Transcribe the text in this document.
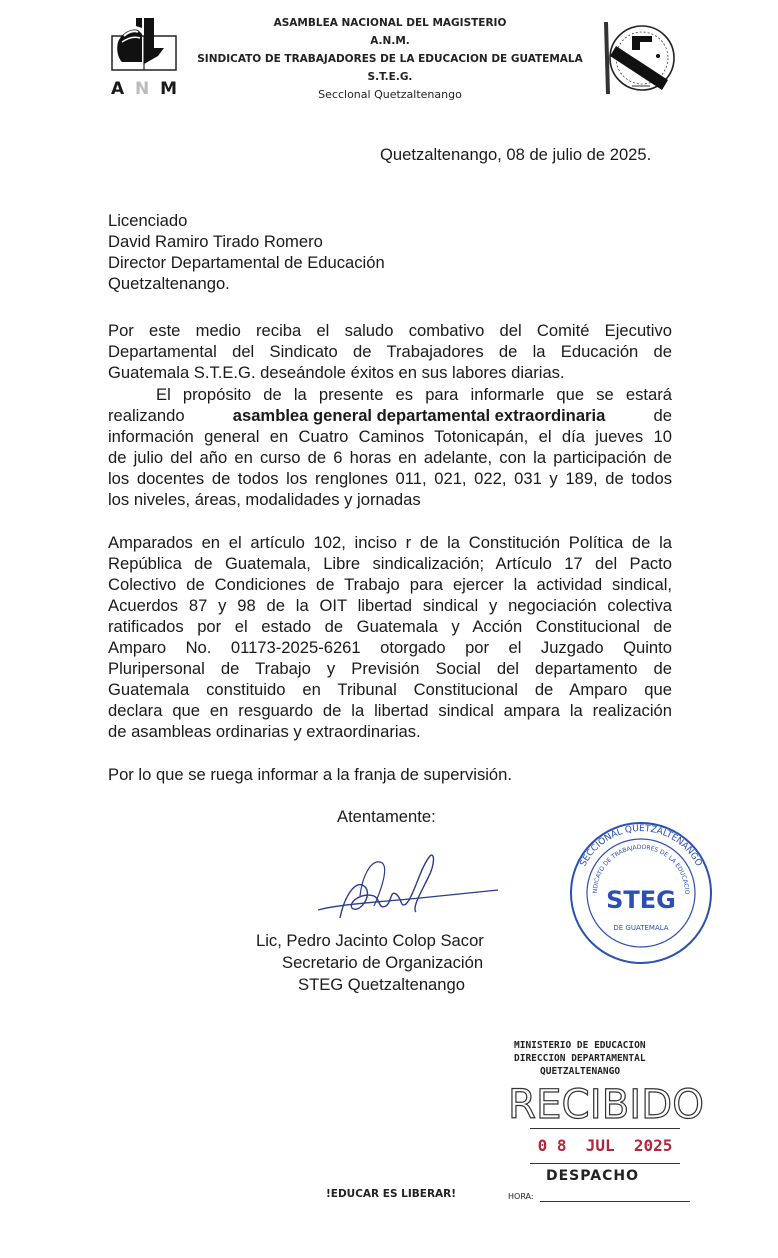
A N M
ASAMBLEA NACIONAL DEL MAGISTERIO
A.N.M.
SINDICATO DE TRABAJADORES DE LA EDUCACION DE GUATEMALA
S.T.E.G.
Secclonal Quetzaltenango
Quetzaltenango, 08 de julio de 2025.
Licenciado
David Ramiro Tirado Romero
Director Departamental de Educación
Quetzaltenango.
Por este medio reciba el saludo combativo del Comité Ejecutivo
Departamental del Sindicato de Trabajadores de la Educación de
Guatemala S.T.E.G. deseándole éxitos en sus labores diarias.
El propósito de la presente es para informarle que se estará
realizando	asamblea general departamental extraordinaria	de
información general en Cuatro Caminos Totonicapán, el día jueves 10
de julio del año en curso de 6 horas en adelante, con la participación de
los docentes de todos los renglones 011, 021, 022, 031 y 189, de todos
los niveles, áreas, modalidades y jornadas
Amparados en el artículo 102, inciso r de la Constitución Política de la
República de Guatemala, Libre sindicalización; Artículo 17 del Pacto
Colectivo de Condiciones de Trabajo para ejercer la actividad sindical,
Acuerdos 87 y 98 de la OIT libertad sindical y negociación colectiva
ratificados por el estado de Guatemala y Acción Constitucional de
Amparo No. 01173-2025-6261 otorgado por el Juzgado Quinto
Pluripersonal de Trabajo y Previsión Social del departamento de
Guatemala constituido en Tribunal Constitucional de Amparo que
declara que en resguardo de la libertad sindical ampara la realización
de asambleas ordinarias y extraordinarias.
Por lo que se ruega informar a la franja de supervisión.
Atentamente:
SECCIONAL QUETZALTENANGO
NDICATO DE TRABAJADORES DE LA EDUCACIO
STEG
DE GUATEMALA
Lic, Pedro Jacinto Colop Sacor
Secretario de Organización
STEG Quetzaltenango
MINISTERIO DE EDUCACION
DIRECCION DEPARTAMENTAL
QUETZALTENANGO
RECIBIDO
0 8  JUL  2025
DESPACHO
HORA:
!EDUCAR ES LIBERAR!
